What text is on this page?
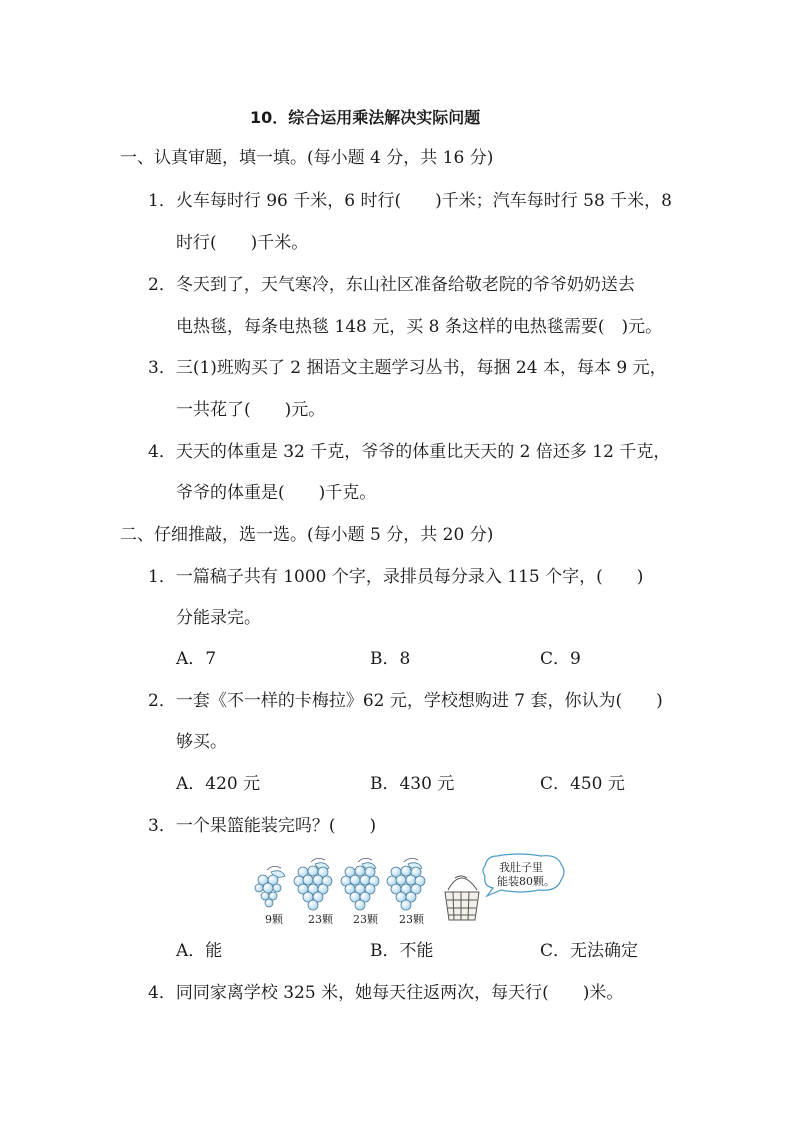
10．综合运用乘法解决实际问题
一、认真审题，填一填。(每小题 4 分，共 16 分)
1．火车每时行 96 千米，6 时行(　　)千米；汽车每时行 58 千米，8
时行(　　)千米。
2．冬天到了，天气寒冷，东山社区准备给敬老院的爷爷奶奶送去
电热毯，每条电热毯 148 元，买 8 条这样的电热毯需要(　)元。
3．三(1)班购买了 2 捆语文主题学习丛书，每捆 24 本，每本 9 元，
一共花了(　　)元。
4．天天的体重是 32 千克，爷爷的体重比天天的 2 倍还多 12 千克，
爷爷的体重是(　　)千克。
二、仔细推敲，选一选。(每小题 5 分，共 20 分)
1．一篇稿子共有 1000 个字，录排员每分录入 115 个字，(　　)
分能录完。
A．7	B．8	C．9
2．一套《不一样的卡梅拉》62 元，学校想购进 7 套，你认为(　　)
够买。
A．420 元	B．430 元	C．450 元
3．一个果篮能装完吗？(　　)
9颗 23颗 23颗 23颗
我肚子里
能装80颗。
A．能	B．不能	C．无法确定
4．同同家离学校 325 米，她每天往返两次，每天行(　　)米。
